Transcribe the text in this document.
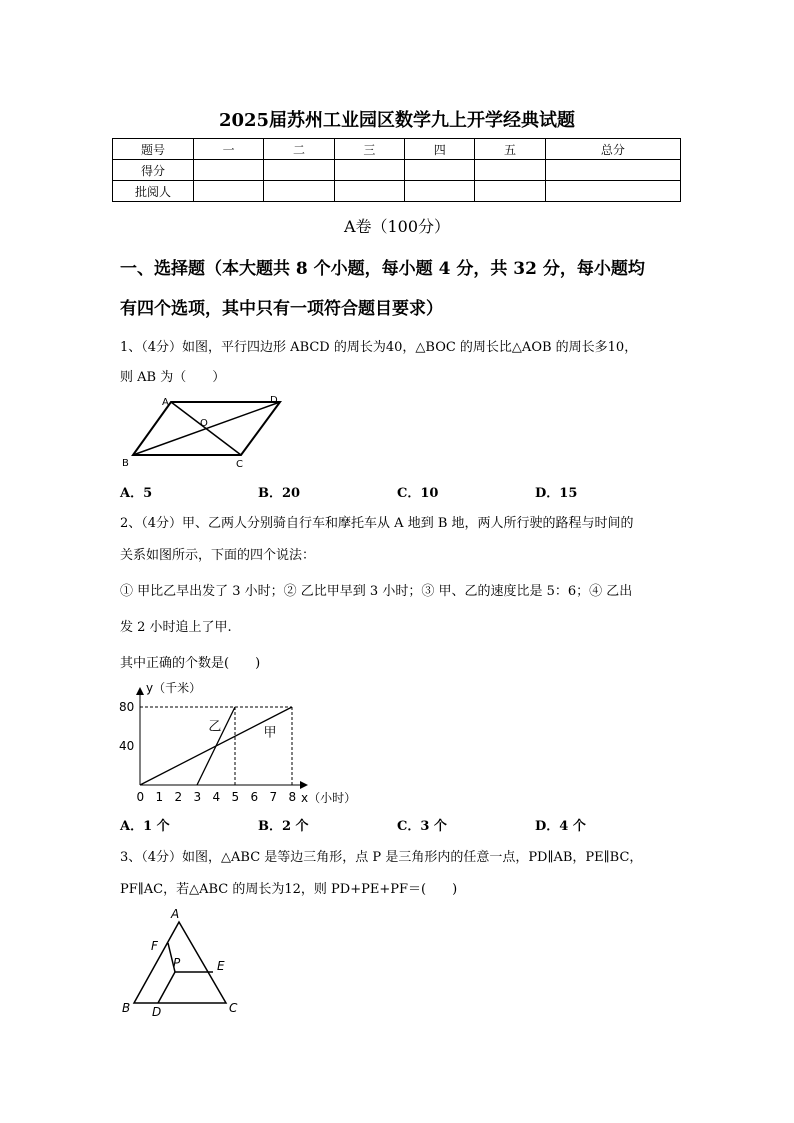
2025届苏州工业园区数学九上开学经典试题
题号	一	二	三	四	五	总分
得分						
批阅人						
A卷（100分）
一、选择题（本大题共 8 个小题，每小题 4 分，共 32 分，每小题均
有四个选项，其中只有一项符合题目要求）
1、（4分）如图，平行四边形 ABCD 的周长为40，△BOC 的周长比△AOB 的周长多10，
则 AB 为（　　）
A	D
B	C
O
A．5	B．20	C．10	D．15
2、（4分）甲、乙两人分别骑自行车和摩托车从 A 地到 B 地，两人所行驶的路程与时间的
关系如图所示，下面的四个说法：
① 甲比乙早出发了 3 小时；② 乙比甲早到 3 小时；③ 甲、乙的速度比是 5：6；④ 乙出
发 2 小时追上了甲.
其中正确的个数是(　　)
0 1 2 3 4 5 6 7 8
40
80
y（千米）
x（小时）
乙	甲
A．1 个	B．2 个	C．3 个	D．4 个
3、（4分）如图，△ABC 是等边三角形，点 P 是三角形内的任意一点，PD∥AB，PE∥BC，
PF∥AC，若△ABC 的周长为12，则 PD+PE+PF＝(　　)
A
F
P	E
B D	C
